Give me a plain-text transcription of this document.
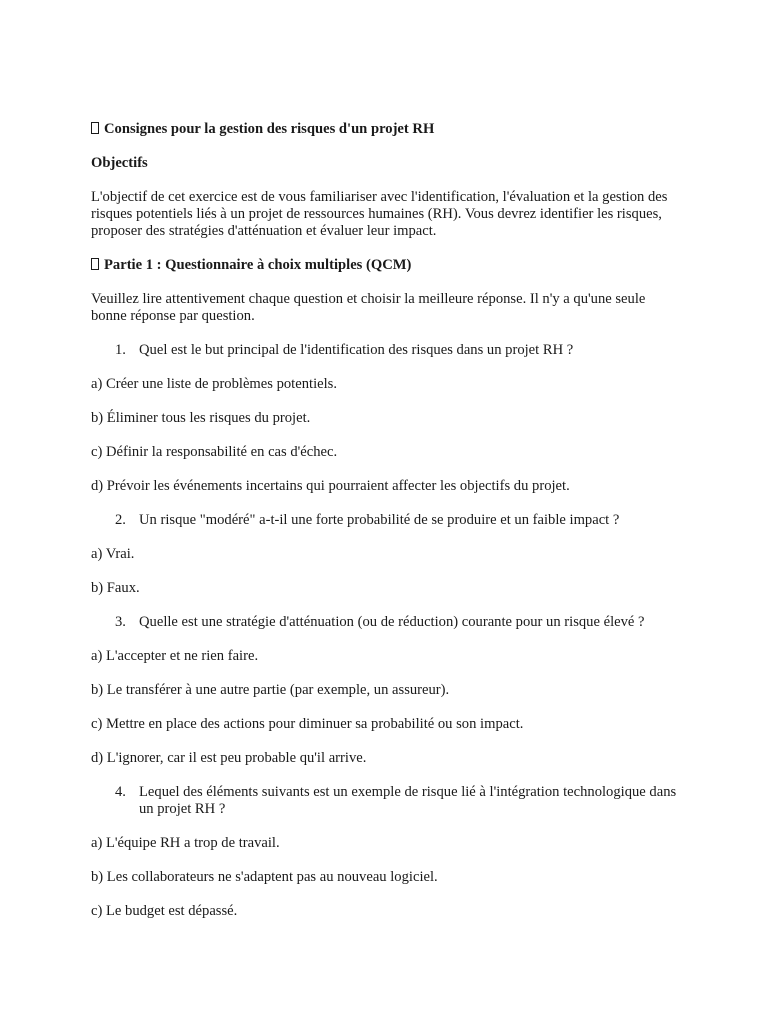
Consignes pour la gestion des risques d'un projet RH

Objectifs

L'objectif de cet exercice est de vous familiariser avec l'identification, l'évaluation et la gestion des risques potentiels liés à un projet de ressources humaines (RH). Vous devrez identifier les risques, proposer des stratégies d'atténuation et évaluer leur impact.

Partie 1 : Questionnaire à choix multiples (QCM)

Veuillez lire attentivement chaque question et choisir la meilleure réponse. Il n'y a qu'une seule bonne réponse par question.

1. Quel est le but principal de l'identification des risques dans un projet RH ?

a) Créer une liste de problèmes potentiels.

b) Éliminer tous les risques du projet.

c) Définir la responsabilité en cas d'échec.

d) Prévoir les événements incertains qui pourraient affecter les objectifs du projet.

2. Un risque "modéré" a-t-il une forte probabilité de se produire et un faible impact ?

a) Vrai.

b) Faux.

3. Quelle est une stratégie d'atténuation (ou de réduction) courante pour un risque élevé ?

a) L'accepter et ne rien faire.

b) Le transférer à une autre partie (par exemple, un assureur).

c) Mettre en place des actions pour diminuer sa probabilité ou son impact.

d) L'ignorer, car il est peu probable qu'il arrive.

4. Lequel des éléments suivants est un exemple de risque lié à l'intégration technologique dans un projet RH ?

a) L'équipe RH a trop de travail.

b) Les collaborateurs ne s'adaptent pas au nouveau logiciel.

c) Le budget est dépassé.
